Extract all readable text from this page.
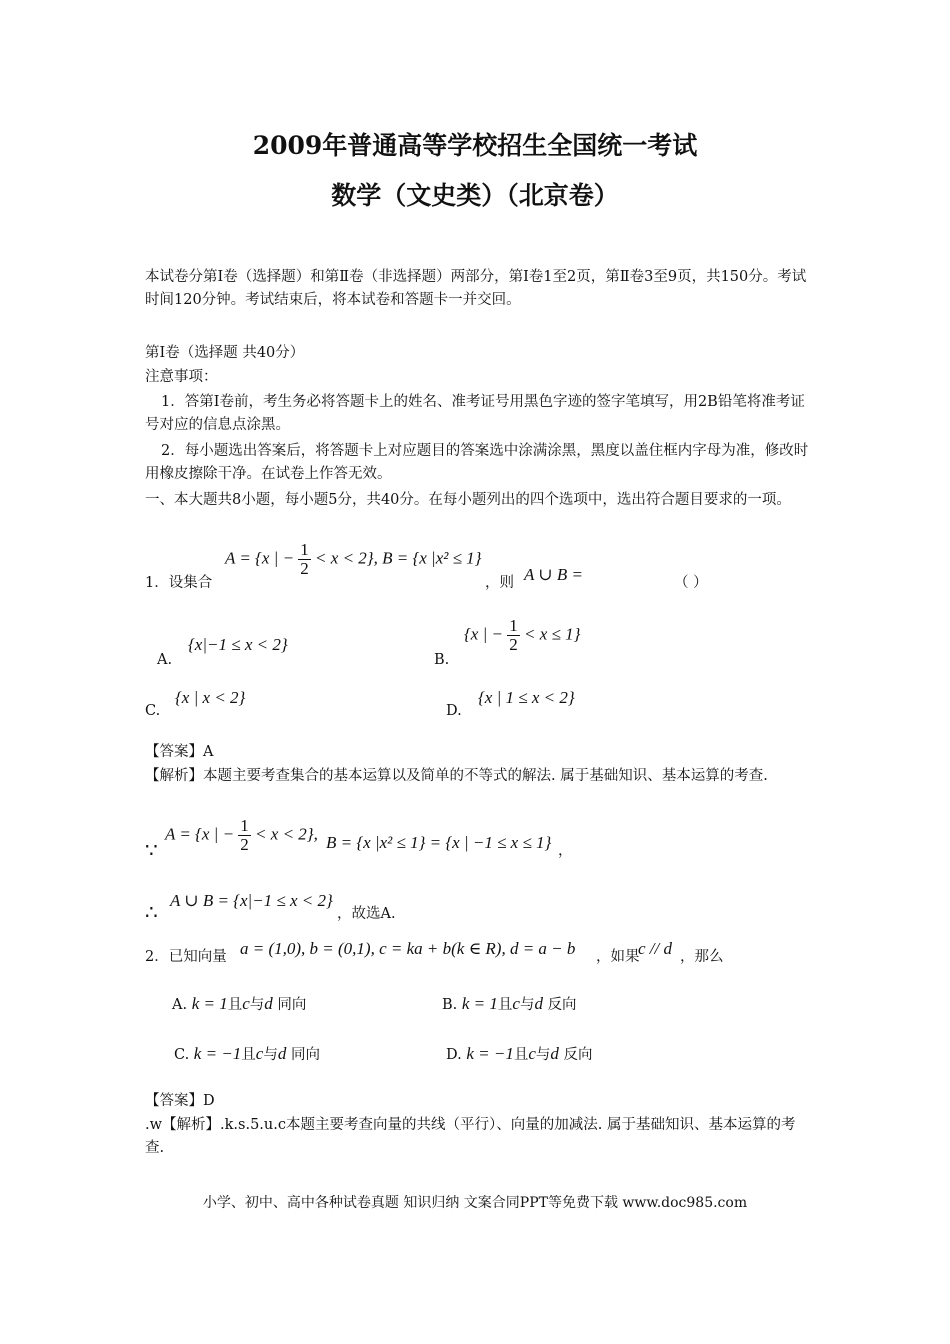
2009年普通高等学校招生全国统一考试
数学（文史类）（北京卷）
本试卷分第Ⅰ卷（选择题）和第Ⅱ卷（非选择题）两部分，第Ⅰ卷1至2页，第Ⅱ卷3至9页，共150分。考试时间120分钟。考试结束后，将本试卷和答题卡一并交回。
第Ⅰ卷（选择题 共40分）
注意事项：
1．答第Ⅰ卷前，考生务必将答题卡上的姓名、准考证号用黑色字迹的签字笔填写，用2B铅笔将准考证号对应的信息点涂黑。
2．每小题选出答案后，将答题卡上对应题目的答案选中涂满涂黑，黑度以盖住框内字母为准，修改时用橡皮擦除干净。在试卷上作答无效。
一、本大题共8小题，每小题5分，共40分。在每小题列出的四个选项中，选出符合题目要求的一项。
1．设集合
A = {x | − $\frac{1}{2} < x < 2$}, B = {x |x² ≤ 1}
，则 A ∪ B =	（ ）
A.
{x|−1 ≤ x < 2}
B.
{x | − $\frac{1}{2} < x \le 1$}
C.
{x | x < 2}
D.
{x | 1 ≤ x < 2}
【答案】A
【解析】本题主要考查集合的基本运算以及简单的不等式的解法. 属于基础知识、基本运算的考查.
∵
A = {x | − $\frac{1}{2} < x < 2$}, B = {x |x² ≤ 1} = {x | −1 ≤ x ≤ 1} ，
∴ A ∪ B = {x|−1 ≤ x < 2}
，故选A.
2．已知向量 a = (1,0), b = (0,1), c = ka + b(k ∈ R), d = a − b ，如果
c // d ，那么
A. k = 1且c与d 同向	B. k = 1且c与d 反向
C. k = −1且c与d 同向	D. k = −1且c与d 反向
【答案】D
.w【解析】.k.s.5.u.c本题主要考查向量的共线（平行）、向量的加减法. 属于基础知识、基本运算的考查.
小学、初中、高中各种试卷真题 知识归纳 文案合同PPT等免费下载 www.doc985.com
